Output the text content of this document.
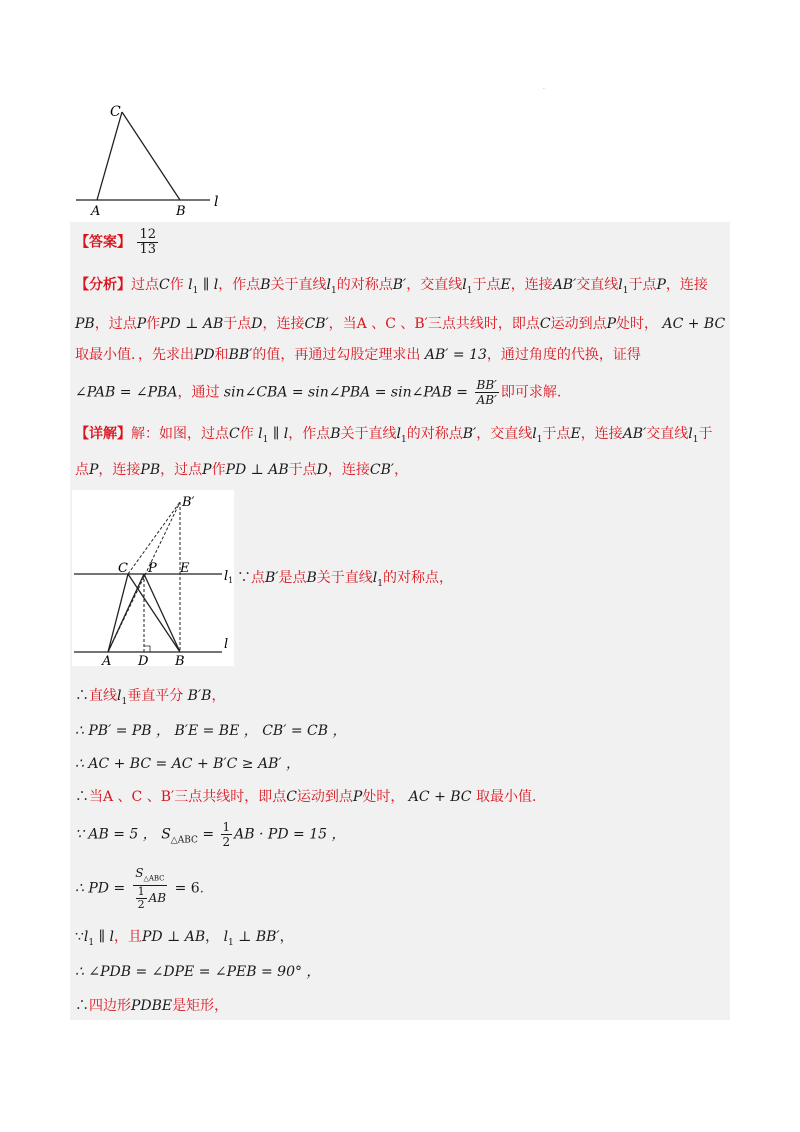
·
C
A	B
l
【答案】 $\frac{12}{13}$
【分析】过点C作 $l_1$ ∥ l，作点B关于直线$l_1$的对称点B′，交直线$l_1$于点E，连接AB′交直线$l_1$于点P，连接
PB，过点P作PD ⊥ AB于点D，连接CB′，当A 、C 、B′三点共线时，即点C运动到点P处时， AC + BC
取最小值．，先求出PD和BB′的值，再通过勾股定理求出 AB′ = 13，通过角度的代换，证得
∠PAB = ∠PBA，通过 sin∠CBA = sin∠PBA = sin∠PAB = $\frac{BB'}{AB'}$ 即可求解.
【详解】解：如图，过点C作 $l_1$ ∥ l，作点B关于直线$l_1$的对称点B′，交直线$l_1$于点E，连接AB′交直线$l_1$于
点P，连接PB，过点P作PD ⊥ AB于点D，连接CB′，
B′
C P E
$l_1$
l
A D B
∵点B′是点B关于直线$l_1$的对称点，
∴直线$l_1$垂直平分 B′B，
∴ PB′ = PB ， B′E = BE ， CB′ = CB ，
∴ AC + BC = AC + B′C ≥ AB′ ，
∴当A 、C 、B′三点共线时，即点C运动到点P处时， AC + BC 取最小值.
∵ AB = 5 ， $S_{\triangle ABC} = \frac{1}{2}$ AB · PD = 15 ，
∴ PD = $\frac{S_{\triangle ABC}}{\frac{1}{2} AB} = 6$．
$\because l_1$ ∥ l，且PD ⊥ AB， $l_1$ ⊥ BB′，
∴ ∠PDB = ∠DPE = ∠PEB = 90° ，
∴四边形PDBE是矩形，
